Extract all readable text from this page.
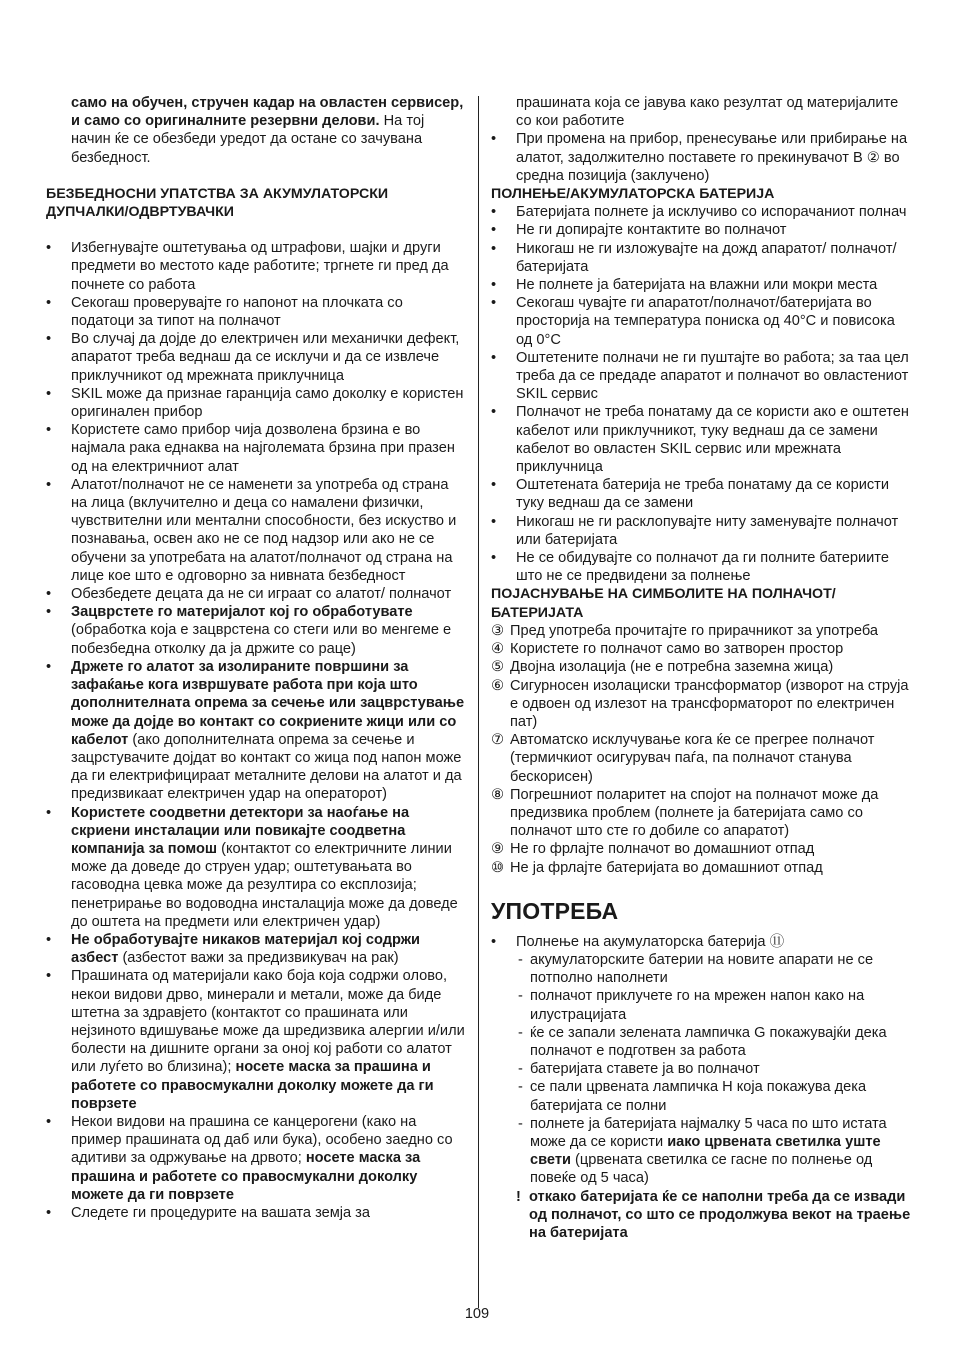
само на обучен, стручен кадар на овластен сервисер, и само со оригиналните резервни делови. На тој начин ќе се обезбеди уредот да остане со зачувана безбедност.

БЕЗБЕДНОСНИ УПАТСТВА ЗА АКУМУЛАТОРСКИ ДУПЧАЛКИ/ОДВРТУВАЧКИ
• Избегнувајте оштетувања од штрафови, шајки и други предмети во местото каде работите; тргнете ги пред да почнете со работа
• Секогаш проверувајте го напонот на плочката со податоци за типот на полначот
• Во случај да дојде до електричен или механички дефект, апаратот треба веднаш да се исклучи и да се извлече приклучникот од мрежната приклучница
• SKIL може да признае гаранција само доколку е користен оригинален прибор
• Користете само прибор чија дозволена брзина е во најмала рака еднаква на најголемата брзина при празен од на електричниот алат
• Алатот/полначот не се наменети за употреба од страна на лица (вклучително и деца со намалени физички, чувствителни или ментални способности, без искуство и познавања, освен ако не се под надзор или ако не се обучени за употребата на алатот/полначот од страна на лице кое што е одговорно за нивната безбедност
• Обезбедете децата да не си играат со алатот/ полначот
• Зацврстете го материјалот кој го обработувате (обработка која е зацврстена со стеги или во менгеме е побезбедна отколку да ја држите со раце)
• Држете го алатот за изолираните површини за зафаќање кога извршувате работа при која што дополнителната опрема за сечење или зацврстување може да дојде во контакт со сокриените жици или со кабелот (ако дополнителната опрема за сечење и зацрстувачите дојдат во контакт со жица под напон може да ги електрифицираат металните делови на алатот и да предизвикаат електричен удар на операторот)
• Користете соодветни детектори за наоѓање на скриени инсталации или повикајте соодветна компанија за помош (контактот со електричните линии може да доведе до струен удар; оштетувањата во гасоводна цевка може да резултира со експлозија; пенетрирање во водоводна инсталација може да доведе до оштета на предмети или електричен удар)
• Не обработувајте никаков материјал кој содржи азбест (азбестот важи за предизвикувач на рак)
• Прашината од материјали како боја која содржи олово, некои видови дрво, минерали и метали, може да биде штетна за здравјето (контактот со прашината или нејзиното вдишување може да шредизвика алергии и/или болести на дишните органи за оној кој работи со алатот или луѓето во близина); носете маска за прашина и работете со правосмукални доколку можете да ги поврзете
• Некои видови на прашина се канцерогени (како на пример прашината од даб или бука), особено заедно со адитиви за одржување на дрвото; носете маска за прашина и работете со правосмукални доколку можете да ги поврзете
• Следете ги процедурите на вашата земја за

прашината која се јавува како резултат од материјалите со кои работите

• При промена на прибор, пренесување или прибирање на алатот, задолжително поставете го прекинувачот B ② во средна позиција (заклучено)
ПОЛНЕЊЕ/АКУМУЛАТОРСКА БАТЕРИЈА
• Батеријата полнете ја исклучиво со испорачаниот полнач
• Не ги допирајте контактите во полначот
• Никогаш не ги изложувајте на дожд апаратот/ полначот/батеријата
• Не полнете ја батеријата на влажни или мокри места
• Секогаш чувајте ги апаратот/полначот/батеријата во просторија на температура пониска од 40°C и повисока од 0°C
• Оштетените полначи не ги пуштајте во работа; за таа цел треба да се предаде апаратот и полначот во овластениот SKIL сервис
• Полначот не треба понатаму да се користи ако е оштетен кабелот или приклучникот, туку веднаш да се замени кабелот во овластен SKIL сервис или мрежната приклучница
• Оштетената батерија не треба понатаму да се користи туку веднаш да се замени
• Никогаш не ги расклопувајте ниту заменувајте полначот или батеријата
• Не се обидувајте со полначот да ги полните батериите што не се предвидени за полнење
ПОЈАСНУВАЊЕ НА СИМБОЛИТЕ НА ПОЛНАЧОТ/ БАТЕРИЈАТА
③ Пред употреба прочитајте го прирачникот за употреба
④ Користете го полначот само во затворен простор
⑤ Двојна изолација (не е потребна заземна жица)
⑥ Сигурносен изолациски трансформатор (изворот на струја е одвоен од излезот на трансформаторот по електричен пат)
⑦ Автоматско исклучување кога ќе се прегрее полначот (термичкиот осигурувач паѓа, па полначот станува бескорисен)
⑧ Погрешниот поларитет на спојот на полначот може да предизвика проблем (полнете ја батеријата само со полначот што сте го добиле со апаратот)
⑨ Не го фрлајте полначот во домашниот отпад
⑩ Не ја фрлајте батеријата во домашниот отпад
УПОТРЕБА
• Полнење на акумулаторска батерија ⑪
- акумулаторските батерии на новите апарати не се потполно наполнети
- полначот приклучете го на мрежен напон како на илустрацијата
- ќе се запали зелената лампичка G покажувајќи дека полначот е подготвен за работа
- батеријата ставете ја во полначот
- се пали црвената лампичка H која покажува дека батеријата се полни
- полнете ја батеријата најмалку 5 часа по што истата може да се користи иако црвената светилка уште свети (црвената светилка се гасне по полнење од повеќе од 5 часа)
! откако батеријата ќе се наполни треба да се извади од полначот, со што се продолжува векот на траење на батеријата
109
